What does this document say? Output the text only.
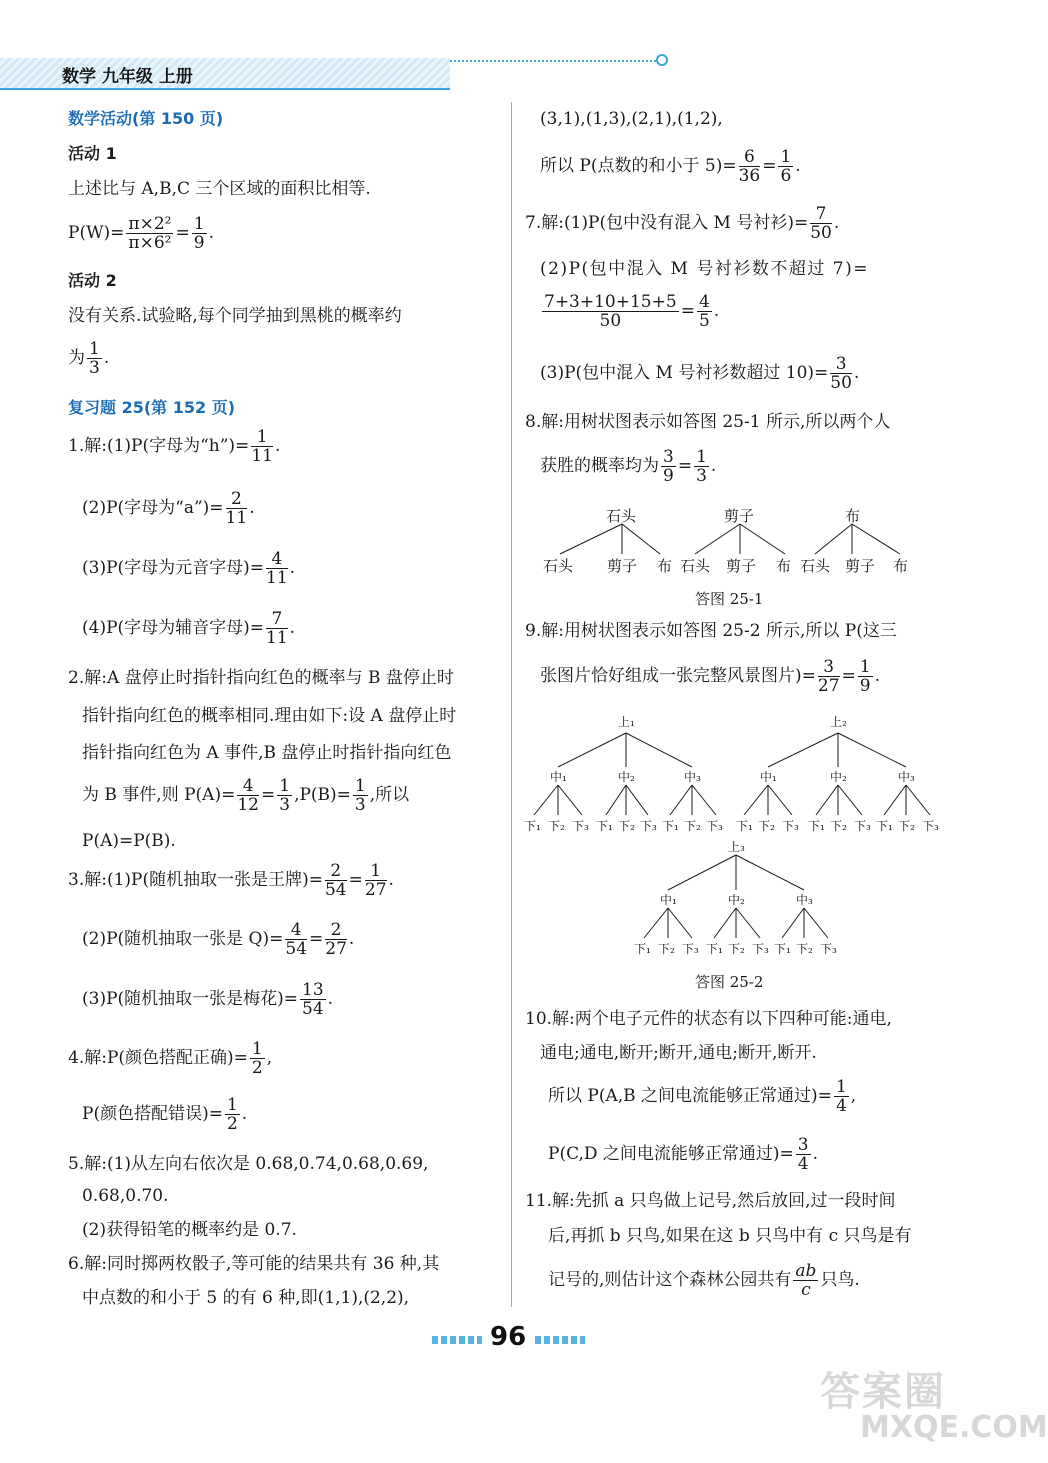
数学 九年级 上册
数学活动(第 150 页)
活动 1
上述比与 A,B,C 三个区域的面积比相等.
$P(W)= \frac{\text{π×2²}}{\text{π×6²}} = \frac{1}{9}$ .
活动 2
没有关系.试验略,每个同学抽到黑桃的概率约
为 $\frac{1}{3}$ .
复习题 25(第 152 页)
1.解:(1)P(字母为“h”)= $\frac{1}{11}$ .
(2)P(字母为“a”)= $\frac{2}{11}$ .
(3)P(字母为元音字母)= $\frac{4}{11}$ .
(4)P(字母为辅音字母)= $\frac{7}{11}$ .
2.解:A 盘停止时指针指向红色的概率与 B 盘停止时
指针指向红色的概率相同.理由如下:设 A 盘停止时
指针指向红色为 A 事件,B 盘停止时指针指向红色
为 B 事件,则 $P(A)= \frac{4}{12} = \frac{1}{3} ,P(B)= \frac{1}{3}$ ,所以
P(A)=P(B).
3.解:(1)P(随机抽取一张是王牌)= $\frac{2}{54} = \frac{1}{27}$ .
(2)P(随机抽取一张是 $Q)= \frac{4}{54} = \frac{2}{27}$ .
(3)P(随机抽取一张是梅花)= $\frac{13}{54}$ .
4.解:P(颜色搭配正确)= $\frac{1}{2}$ ,
P(颜色搭配错误)= $\frac{1}{2}$ .
5.解:(1)从左向右依次是 0.68,0.74,0.68,0.69,
0.68,0.70.
(2)获得铅笔的概率约是 0.7.
6.解:同时掷两枚骰子,等可能的结果共有 36 种,其
中点数的和小于 5 的有 6 种,即(1,1),(2,2),
(3,1),(1,3),(2,1),(1,2),
所以 P(点数的和小于 $5)= \frac{6}{36} = \frac{1}{6}$ .
7.解:(1)P(包中没有混入 M 号衬衫)= $\frac{7}{50}$ .
(2)P(包中混入 M 号衬衫数不超过 7)=
$\frac{7+3+10+15+5}{50} = \frac{4}{5}$ .
(3)P(包中混入 M 号衬衫数超过 $10)= \frac{3}{50}$ .
8.解:用树状图表示如答图 25-1 所示,所以两个人
获胜的概率均为 $\frac{3}{9} = \frac{1}{3}$ .
石头	剪子	布
石头 剪子 布 石头 剪子 布 石头 剪子 布
答图 25-1
9.解:用树状图表示如答图 25-2 所示,所以 P(这三
张图片恰好组成一张完整风景图片)= $\frac{3}{27} = \frac{1}{9}$ .
上₁	上₂
上₃
中₁	中₂	中₃	中₁	中₂	中₃
中₁	中₂	中₃
下₁ 下₂ 下₃ 下₁ 下₂ 下₃ 下₁ 下₂ 下₃ 下₁ 下₂ 下₃ 下₁ 下₂ 下₃ 下₁ 下₂ 下₃
下₁ 下₂ 下₃ 下₁ 下₂ 下₃ 下₁ 下₂ 下₃
答图 25-2
10.解:两个电子元件的状态有以下四种可能:通电,
通电;通电,断开;断开,通电;断开,断开.
所以 P(A,B 之间电流能够正常通过)= $\frac{1}{4}$ ,
P(C,D 之间电流能够正常通过)= $\frac{3}{4}$ .
11.解:先抓 a 只鸟做上记号,然后放回,过一段时间
后,再抓 b 只鸟,如果在这 b 只鸟中有 c 只鸟是有
记号的,则估计这个森林公园共有 $\frac{ab}{c}$ 只鸟.
96
答案圈
MXQE.COM
